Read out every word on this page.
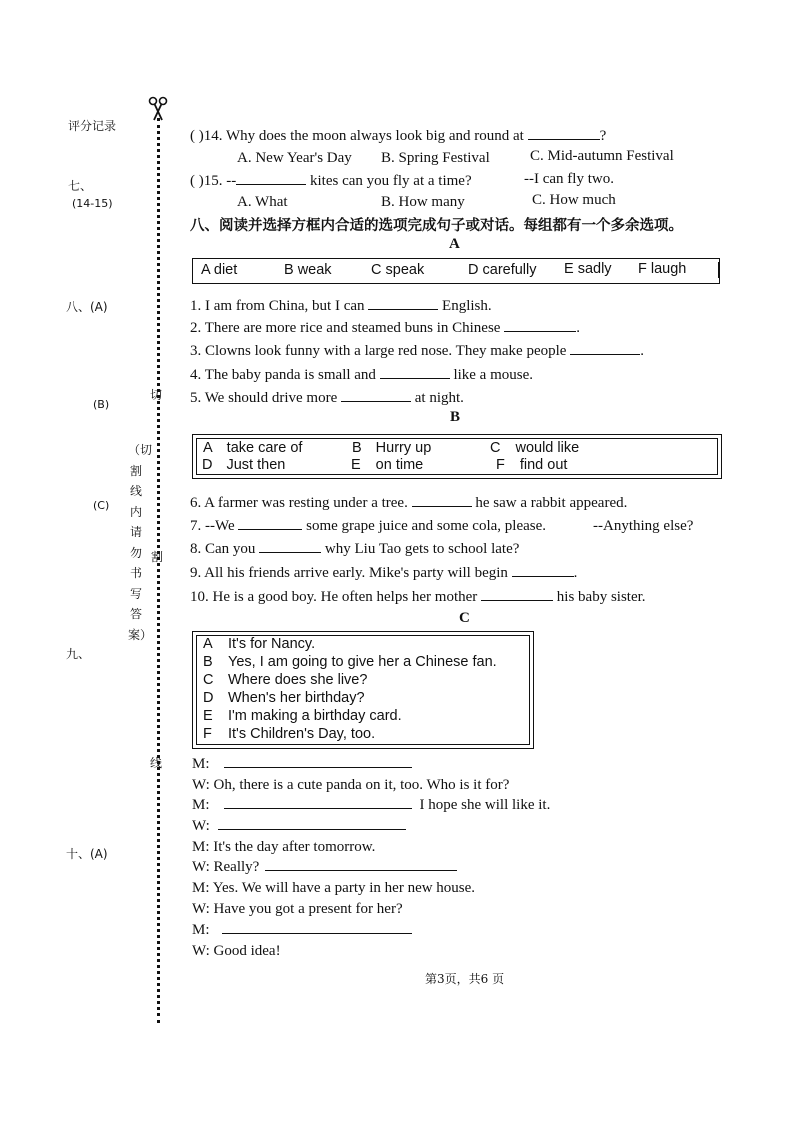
评分记录
七、
(14-15)
八、(A)
(B)
(C)
九、
十、(A)
切
割
线
（切割线内请勿书写答案）
( )14. Why does the moon always look big and round at	?
A. New Year's Day B. Spring Festival	C. Mid-autumn Festival
( )15. --	kites can you fly at a time?	--I can fly two.
A. What	B. How many	C. How much
八、阅读并选择方框内合适的选项完成句子或对话。每组都有一个多余选项。
A
A diet	B weak	C speak	D carefully E sadly F laugh
1. I am from China, but I can	English.
2. There are more rice and steamed buns in Chinese	.
3. Clowns look funny with a large red nose. They make people	.
4. The baby panda is small and	like a mouse.
5. We should drive more	at night.
B
A take care of	B Hurry up	C would like
D Just then	E on time	F find out
6. A farmer was resting under a tree.	he saw a rabbit appeared.
7. --We	some grape juice and some cola, please.	--Anything else?
8. Can you	why Liu Tao gets to school late?
9. All his friends arrive early. Mike's party will begin	.
10. He is a good boy. He often helps her mother	his baby sister.
C
A It's for Nancy.
B Yes, I am going to give her a Chinese fan.
C Where does she live?
D When's her birthday?
E I'm making a birthday card.
F It's Children's Day, too.
M:
W: Oh, there is a cute panda on it, too. Who is it for?
M:	I hope she will like it.
W:
M: It's the day after tomorrow.
W: Really?
M: Yes. We will have a party in her new house.
W: Have you got a present for her?
M:
W: Good idea!
第3页，共6 页
